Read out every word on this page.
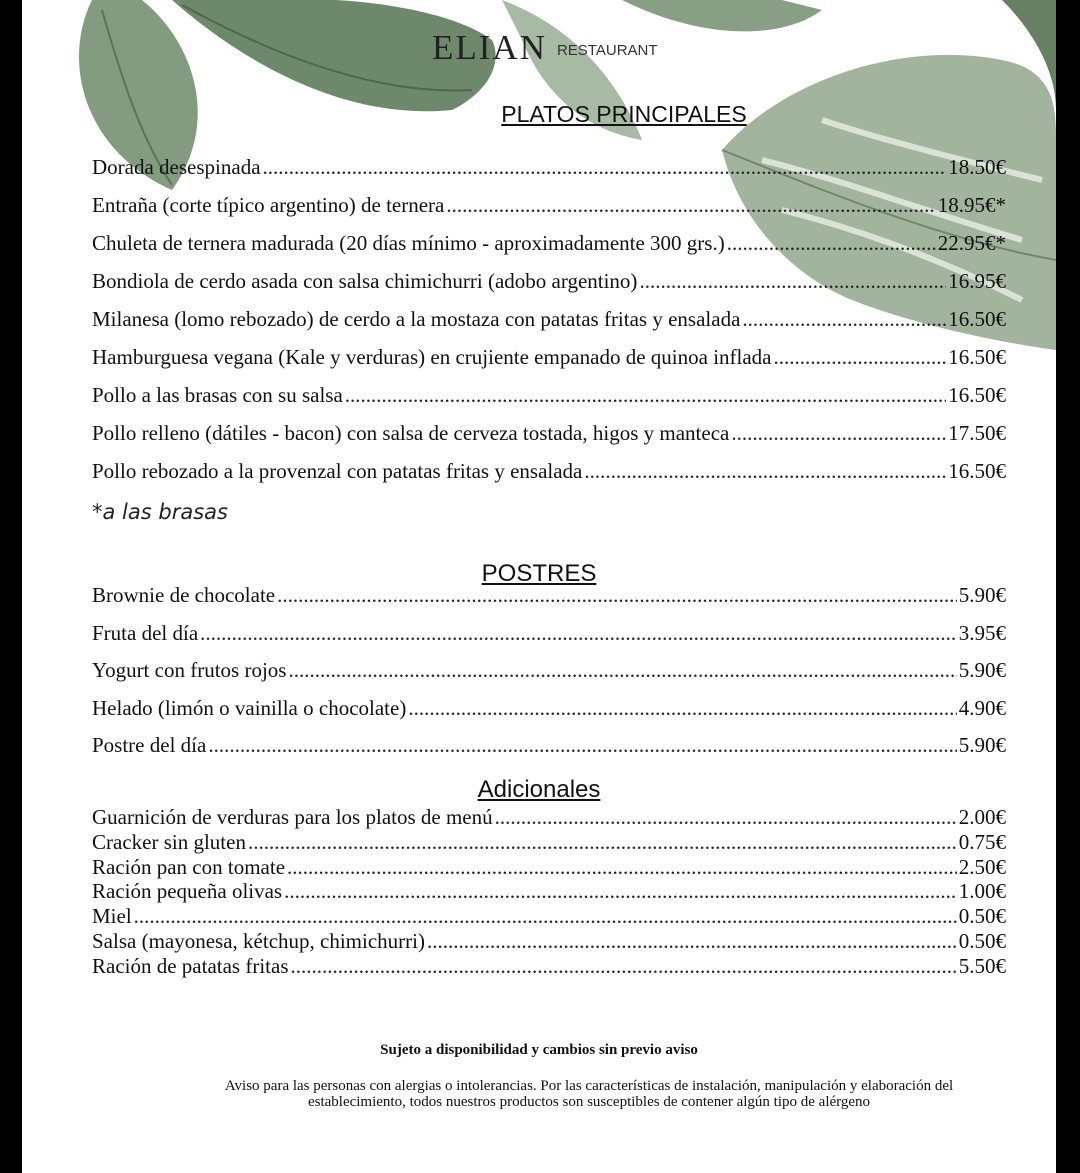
ELIAN RESTAURANT
PLATOS PRINCIPALES
Dorada desespinada .....	18.50€
Entraña (corte típico argentino) de ternera .....	18.95€*
Chuleta de ternera madurada (20 días mínimo - aproximadamente 300 grs.) .....	22.95€*
Bondiola de cerdo asada con salsa chimichurri (adobo argentino) .....	16.95€
Milanesa (lomo rebozado) de cerdo a la mostaza con patatas fritas y ensalada .....	16.50€
Hamburguesa vegana (Kale y verduras) en crujiente empanado de quinoa inflada .....	16.50€
Pollo a las brasas con su salsa .....	16.50€
Pollo relleno (dátiles - bacon) con salsa de cerveza tostada, higos y manteca .....	17.50€
Pollo rebozado a la provenzal con patatas fritas y ensalada .....	16.50€
*a las brasas
POSTRES
Brownie de chocolate .....	5.90€
Fruta del día .....	3.95€
Yogurt con frutos rojos .....	5.90€
Helado (limón o vainilla o chocolate) .....	4.90€
Postre del día .....	5.90€
Adicionales
Guarnición de verduras para los platos de menú .....	2.00€
Cracker sin gluten .....	0.75€
Ración pan con tomate .....	2.50€
Ración pequeña olivas .....	1.00€
Miel .....	0.50€
Salsa (mayonesa, kétchup, chimichurri) .....	0.50€
Ración de patatas fritas .....	5.50€
Sujeto a disponibilidad y cambios sin previo aviso
Aviso para las personas con alergias o intolerancias. Por las características de instalación, manipulación y elaboración del
establecimiento, todos nuestros productos son susceptibles de contener algún tipo de alérgeno
